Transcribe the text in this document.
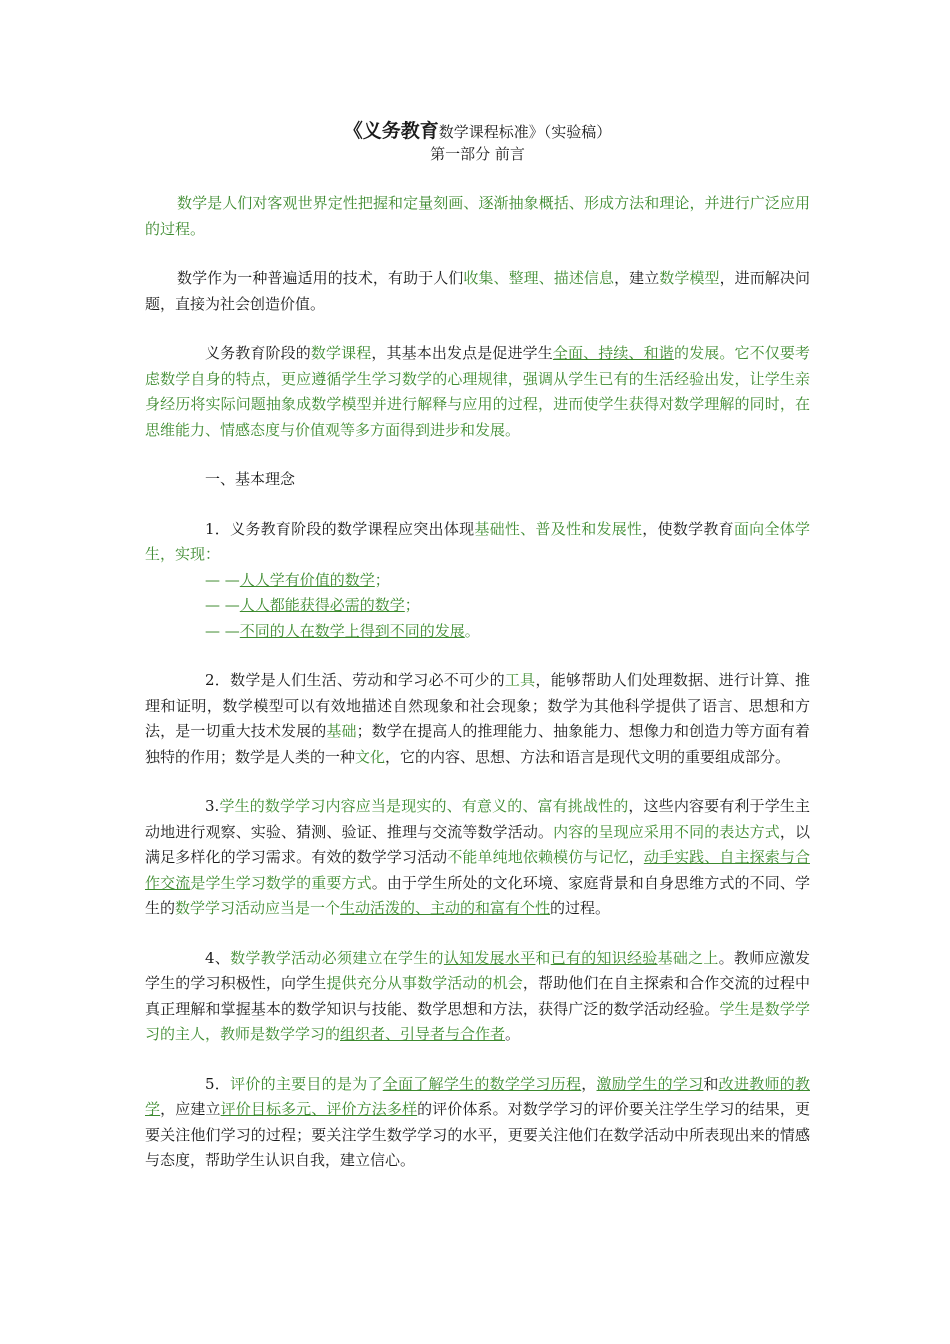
《义务教育数学课程标准》（实验稿）

第一部分 前言

数学是人们对客观世界定性把握和定量刻画、逐渐抽象概括、形成方法和理论，并进行广泛应用的过程。

数学作为一种普遍适用的技术，有助于人们收集、整理、描述信息，建立数学模型，进而解决问题，直接为社会创造价值。

义务教育阶段的数学课程，其基本出发点是促进学生全面、持续、和谐的发展。它不仅要考虑数学自身的特点，更应遵循学生学习数学的心理规律，强调从学生已有的生活经验出发，让学生亲身经历将实际问题抽象成数学模型并进行解释与应用的过程，进而使学生获得对数学理解的同时，在思维能力、情感态度与价值观等多方面得到进步和发展。

一、基本理念

1．义务教育阶段的数学课程应突出体现基础性、普及性和发展性，使数学教育面向全体学生，实现：

— —人人学有价值的数学；
— —人人都能获得必需的数学；
— —不同的人在数学上得到不同的发展。

2．数学是人们生活、劳动和学习必不可少的工具，能够帮助人们处理数据、进行计算、推理和证明，数学模型可以有效地描述自然现象和社会现象；数学为其他科学提供了语言、思想和方法，是一切重大技术发展的基础；数学在提高人的推理能力、抽象能力、想像力和创造力等方面有着独特的作用；数学是人类的一种文化，它的内容、思想、方法和语言是现代文明的重要组成部分。

3.学生的数学学习内容应当是现实的、有意义的、富有挑战性的，这些内容要有利于学生主动地进行观察、实验、猜测、验证、推理与交流等数学活动。内容的呈现应采用不同的表达方式，以满足多样化的学习需求。有效的数学学习活动不能单纯地依赖模仿与记忆，动手实践、自主探索与合作交流是学生学习数学的重要方式。由于学生所处的文化环境、家庭背景和自身思维方式的不同、学生的数学学习活动应当是一个生动活泼的、主动的和富有个性的过程。

4、数学教学活动必须建立在学生的认知发展水平和已有的知识经验基础之上。教师应激发学生的学习积极性，向学生提供充分从事数学活动的机会，帮助他们在自主探索和合作交流的过程中真正理解和掌握基本的数学知识与技能、数学思想和方法，获得广泛的数学活动经验。学生是数学学习的主人，教师是数学学习的组织者、引导者与合作者。

5．评价的主要目的是为了全面了解学生的数学学习历程，激励学生的学习和改进教师的教学，应建立评价目标多元、评价方法多样的评价体系。对数学学习的评价要关注学生学习的结果，更要关注他们学习的过程；要关注学生数学学习的水平，更要关注他们在数学活动中所表现出来的情感与态度，帮助学生认识自我，建立信心。
